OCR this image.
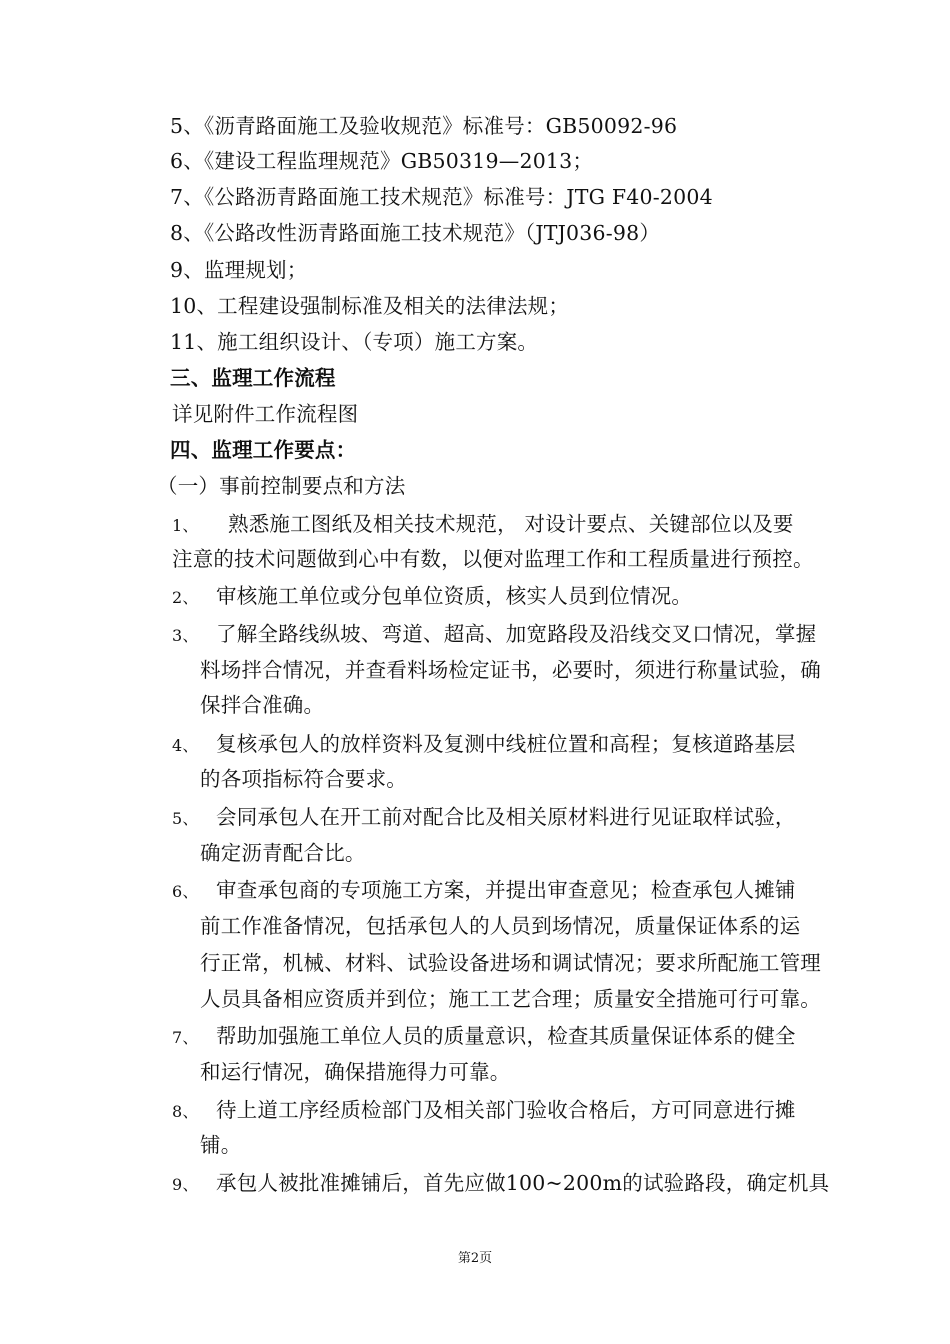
5、《沥青路面施工及验收规范》标准号：GB50092-96
6、《建设工程监理规范》GB50319—2013；
7、《公路沥青路面施工技术规范》标准号：JTG F40-2004
8、《公路改性沥青路面施工技术规范》（JTJ036-98）
9、监理规划；
10、工程建设强制标准及相关的法律法规；
11、施工组织设计、（专项）施工方案。
三、监理工作流程
详见附件工作流程图
四、监理工作要点：
（一）事前控制要点和方法
1、 熟悉施工图纸及相关技术规范， 对设计要点、关键部位以及要
注意的技术问题做到心中有数，以便对监理工作和工程质量进行预控。
2、 审核施工单位或分包单位资质，核实人员到位情况。
3、 了解全路线纵坡、弯道、超高、加宽路段及沿线交叉口情况，掌握
料场拌合情况，并查看料场检定证书，必要时，须进行称量试验，确
保拌合准确。
4、 复核承包人的放样资料及复测中线桩位置和高程；复核道路基层
的各项指标符合要求。
5、 会同承包人在开工前对配合比及相关原材料进行见证取样试验，
确定沥青配合比。
6、 审查承包商的专项施工方案，并提出审查意见；检查承包人摊铺
前工作准备情况，包括承包人的人员到场情况，质量保证体系的运
行正常，机械、材料、试验设备进场和调试情况；要求所配施工管理
人员具备相应资质并到位；施工工艺合理；质量安全措施可行可靠。
7、 帮助加强施工单位人员的质量意识，检查其质量保证体系的健全
和运行情况，确保措施得力可靠。
8、 待上道工序经质检部门及相关部门验收合格后，方可同意进行摊
铺。
9、 承包人被批准摊铺后，首先应做100~200m的试验路段，确定机具
第2页
